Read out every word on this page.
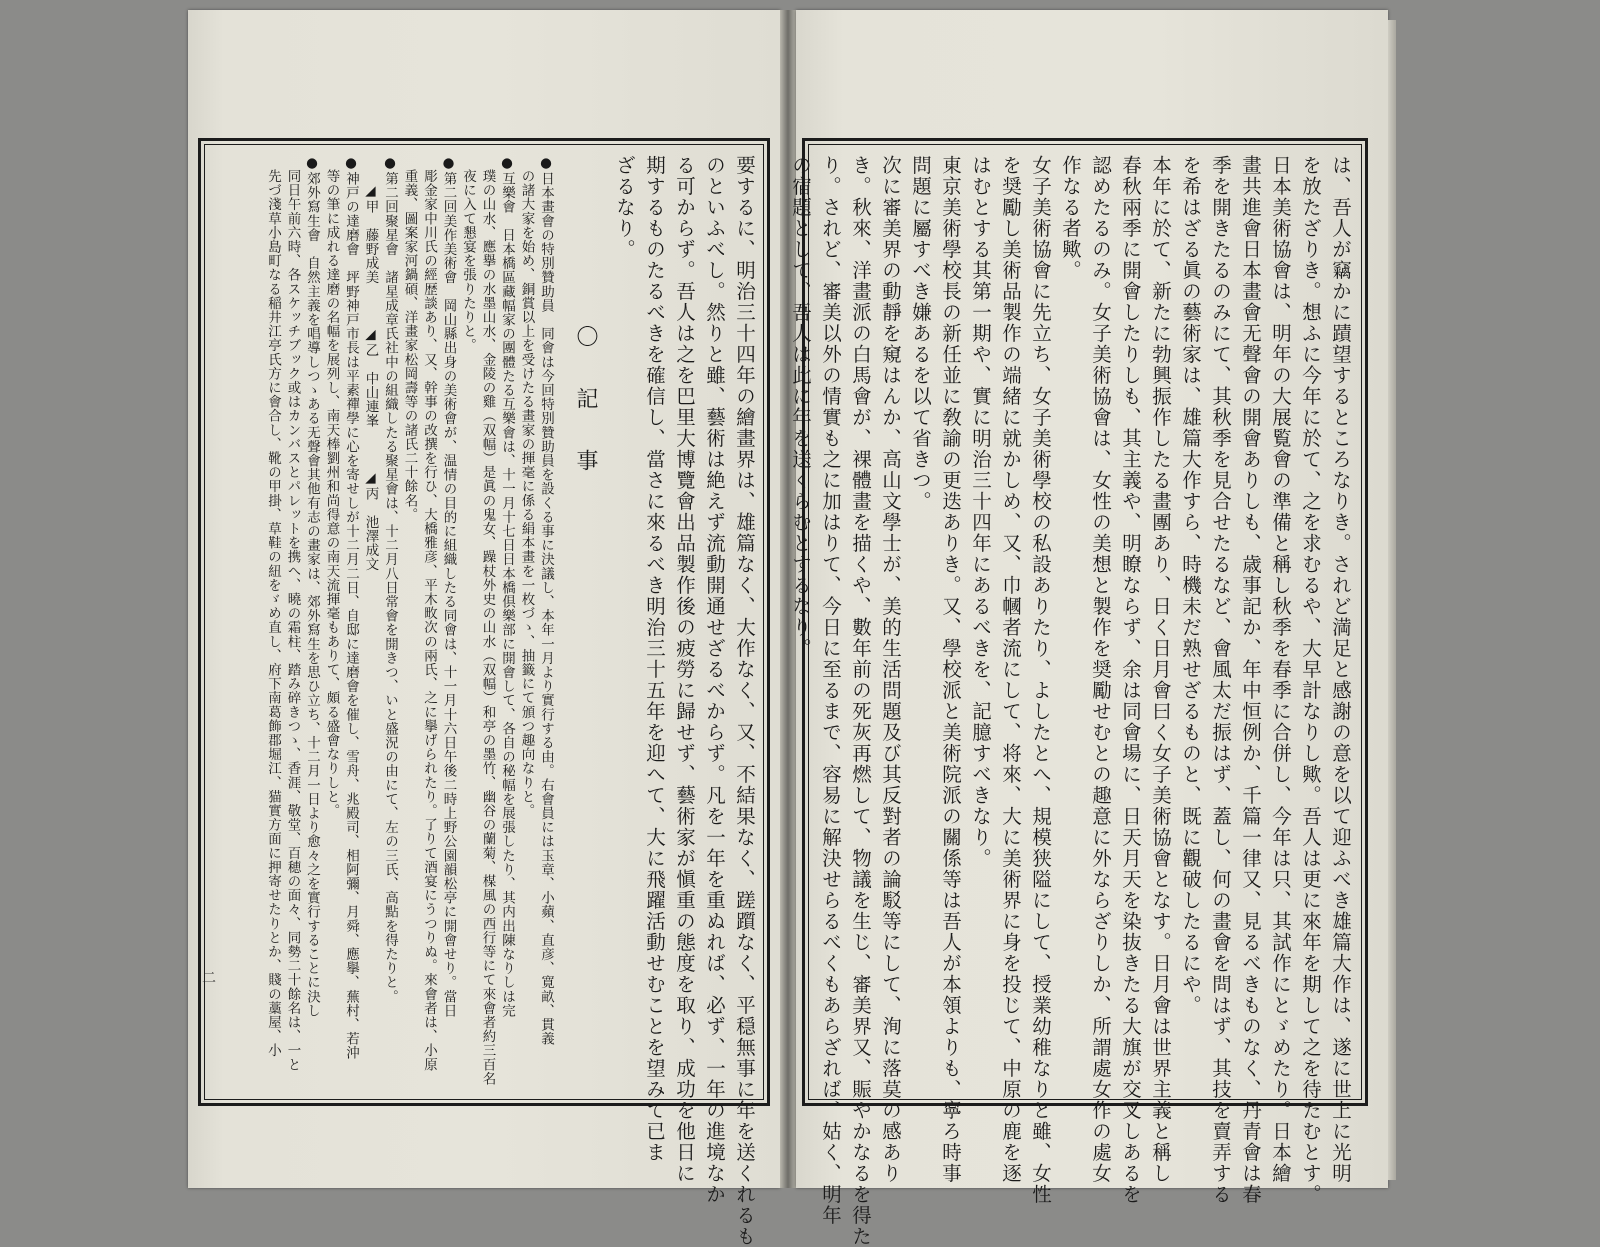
要するに、明治三十四年の繪畫界は、雄篇なく、大作なく、又、不結果なく、蹉躓なく、平穏無事に年を送くれるも
のといふべし。然りと雖、藝術は絶えず流動開通せざるべからず。凡を一年を重ぬれば、必ず、一年の進境なか
る可からず。吾人は之を巴里大博覽會出品製作後の疲勞に歸せず、藝術家が愼重の態度を取り、成功を他日に
期するものたるべきを確信し、當さに來るべき明治三十五年を迎へて、大に飛躍活動せむことを望みて已ま
ざるなり。
〇記事
●日本畫會の特別贊助員　同會は今回特別贊助員を設くる事に決議し、本年一月より實行する由。右會員には玉章、小蘋、直彦、寛畝、貫義
　の諸大家を始め、銅賞以上を受けたる畫家の揮毫に係る絹本畫を一枚づゝ、抽籤にて頒つ趣向なりと。
●互樂會　日本橋區藏幅家の團體たる互樂會は、十一月十七日日本橋倶樂部に開會して、各自の秘幅を展張したり、其内出陳なりしは完
　璞の山水、應擧の水墨山水、金陵の雞（双幅）是眞の鬼女、躁杖外史の山水（双幅）和亭の墨竹、幽谷の蘭菊、楳風の西行等にて來會者約三百名
　夜に入て懇宴を張りたりと。
●第二回美作美術會　岡山縣出身の美術會が、温情の目的に組織したる同會は、十一月十六日午後二時上野公園韻松亭に開會せり。當日
　彫金家中川氏の經歴談あり、又、幹事の改撰を行ひ、大橋雅彦、平木畋次の兩氏、之に擧げられたり。了りて酒宴にうつりぬ。來會者は、小原
　重義、圖案家河鍋碩、洋畫家松岡壽等の諸氏二十餘名。
●第二回聚星會　諸星成章氏社中の組織したる聚星會は、十二月八日常會を開きつ、いと盛況の由にて、左の三氏、高點を得たりと。
　　◢甲　藤野成美　　　◢乙　中山連峯　　　◢丙　池澤成文
●神戸の達磨會　坪野神戸市長は平素禪學に心を寄せしが十二月二日、自邸に達磨會を催し、雪舟、兆殿司、相阿彌、月舜、應擧、蕪村、若沖
　等の筆に成れる達磨の名幅を展列し、南天棒劉州和尚得意の南天流揮毫もありて、頗る盛會なりしと。
●郊外寫生會　自然主義を唱導しつゝある无聲會其他有志の畫家は、郊外寫生を思ひ立ち、十二月一日より愈々之を實行することに決し
　同日午前六時、各スケッチブック或はカンバスとパレットを携へ、曉の霜柱、踏み碎きつゝ、香涯、敬堂、百穂の面々、同勢二十餘名は、一と
　先づ淺草小島町なる稲井江亭氏方に會合し、靴の甲掛、草鞋の紐をゞめ直し、府下南葛飾郡堀江、猫實方面に押寄せたりとか、賤の藁屋、小
二	は、吾人が竊かに蹟望するところなりき。されど満足と感謝の意を以て迎ふべき雄篇大作は、遂に世上に光明
を放たざりき。想ふに今年に於て、之を求むるや、大早計なりし歟。吾人は更に來年を期して之を待たむとす。
日本美術協會は、明年の大展覧會の準備と稱し秋季を春季に合併し、今年は只、其試作にとゞめたり。日本繪
畫共進會日本畫會无聲會の開會ありしも、歳事記か、年中恒例か、千篇一律又、見るべきものなく、丹青會は春
季を開きたるのみにて、其秋季を見合せたるなど、會風太だ振はず、蓋し、何の畫會を問はず、其技を賣弄する
を希はざる眞の藝術家は、雄篇大作すら、時機未だ熟せざるものと、既に觀破したるにや。
本年に於て、新たに勃興振作したる畫團あり、日く日月會曰く女子美術協會となす。日月會は世界主義と稱し
春秋兩季に開會したりしも、其主義や、明瞭ならず、余は同會場に、日天月天を染抜きたる大旗が交叉しあるを
認めたるのみ。女子美術協會は、女性の美想と製作を奨勵せむとの趣意に外ならざりしか、所謂處女作の處女
作なる者歟。
女子美術協會に先立ち、女子美術學校の私設ありたり、よしたとへ、規模狭隘にして、授業幼稚なりと雖、女性
を奨勵し美術品製作の端緒に就かしめ、又、巾幗者流にして、将來、大に美術界に身を投じて、中原の鹿を逐
はむとする其第一期や、實に明治三十四年にあるべきを、記臆すべきなり。
東京美術學校長の新任並に敎諭の更迭ありき。又、學校派と美術院派の關係等は吾人が本領よりも、寧ろ時事
問題に屬すべき嫌あるを以て省きつ。
次に審美界の動靜を窺はんか、高山文學士が、美的生活問題及び其反對者の論駁等にして、洵に落莫の感あり
き。秋來、洋畫派の白馬會が、裸體畫を描くや、數年前の死灰再燃して、物議を生じ、審美界又、賑やかなるを得た
り。されど、審美以外の情實も之に加はりて、今日に至るまで、容易に解決せらるべくもあらざれば、姑く、明年
の宿題として、吾人は此に年を送くらむとするなり。
